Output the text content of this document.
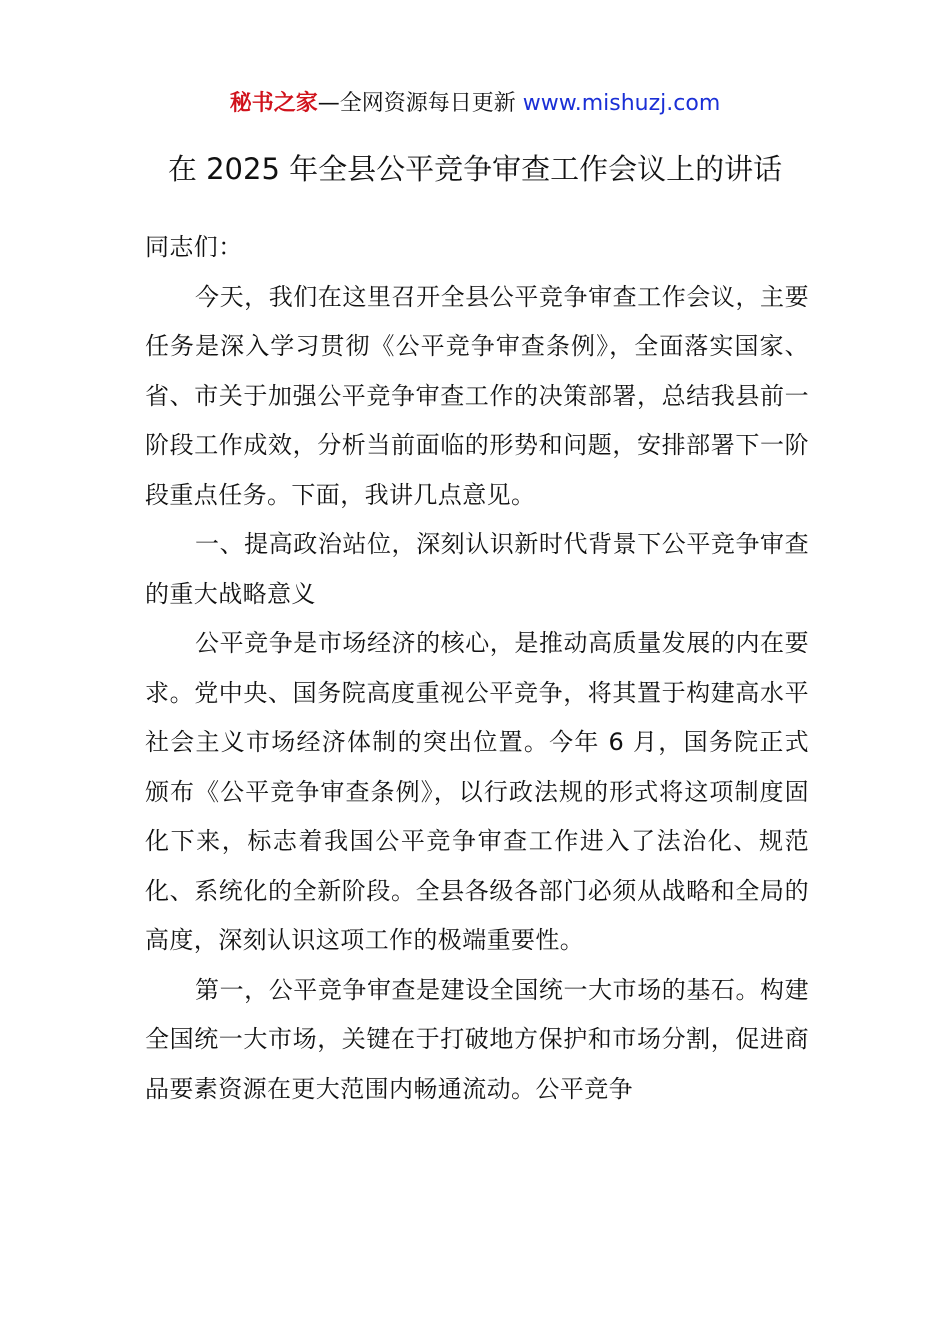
秘书之家—全网资源每日更新 www.mishuzj.com
在 2025 年全县公平竞争审查工作会议上的讲话

同志们：

今天，我们在这里召开全县公平竞争审查工作会议，主要任务是深入学习贯彻《公平竞争审查条例》，全面落实国家、省、市关于加强公平竞争审查工作的决策部署，总结我县前一阶段工作成效，分析当前面临的形势和问题，安排部署下一阶段重点任务。下面，我讲几点意见。

一、提高政治站位，深刻认识新时代背景下公平竞争审查的重大战略意义

公平竞争是市场经济的核心，是推动高质量发展的内在要求。党中央、国务院高度重视公平竞争，将其置于构建高水平社会主义市场经济体制的突出位置。今年 6 月，国务院正式颁布《公平竞争审查条例》，以行政法规的形式将这项制度固化下来，标志着我国公平竞争审查工作进入了法治化、规范化、系统化的全新阶段。全县各级各部门必须从战略和全局的高度，深刻认识这项工作的极端重要性。

第一，公平竞争审查是建设全国统一大市场的基石。构建全国统一大市场，关键在于打破地方保护和市场分割，促进商品要素资源在更大范围内畅通流动。公平竞争
